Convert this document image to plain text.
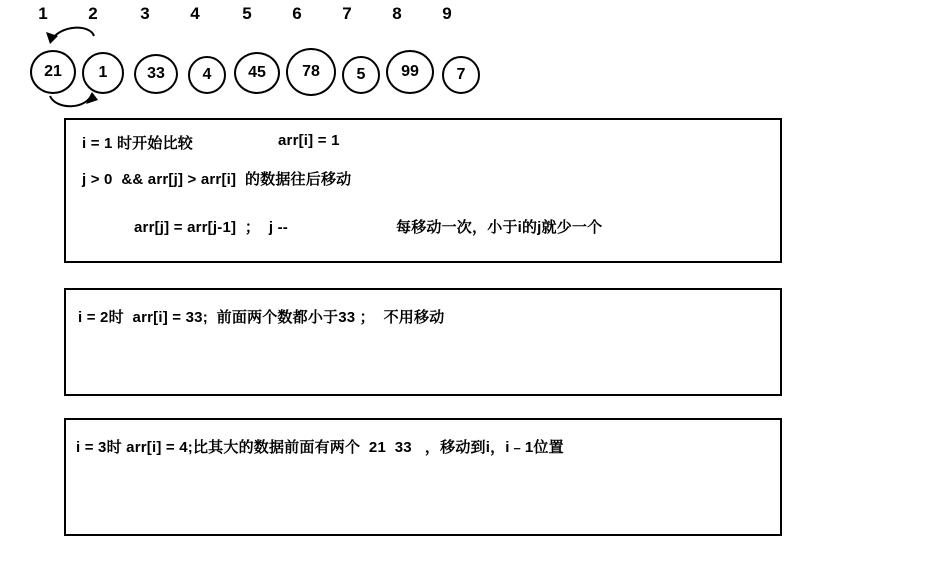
1	2	3	4	5	6	7	8	9
21 1 33 4 45 78 5 99 7
i = 1 时开始比较	arr[i] = 1
j > 0  && arr[j] > arr[i]  的数据往后移动
arr[j] = arr[j-1]  ；  j --	每移动一次，小于i的j就少一个
i = 2时  arr[i] = 33;  前面两个数都小于33 ；  不用移动
i = 3时 arr[i] = 4;比其大的数据前面有两个  21  33   ，移动到i，i﹣1位置
